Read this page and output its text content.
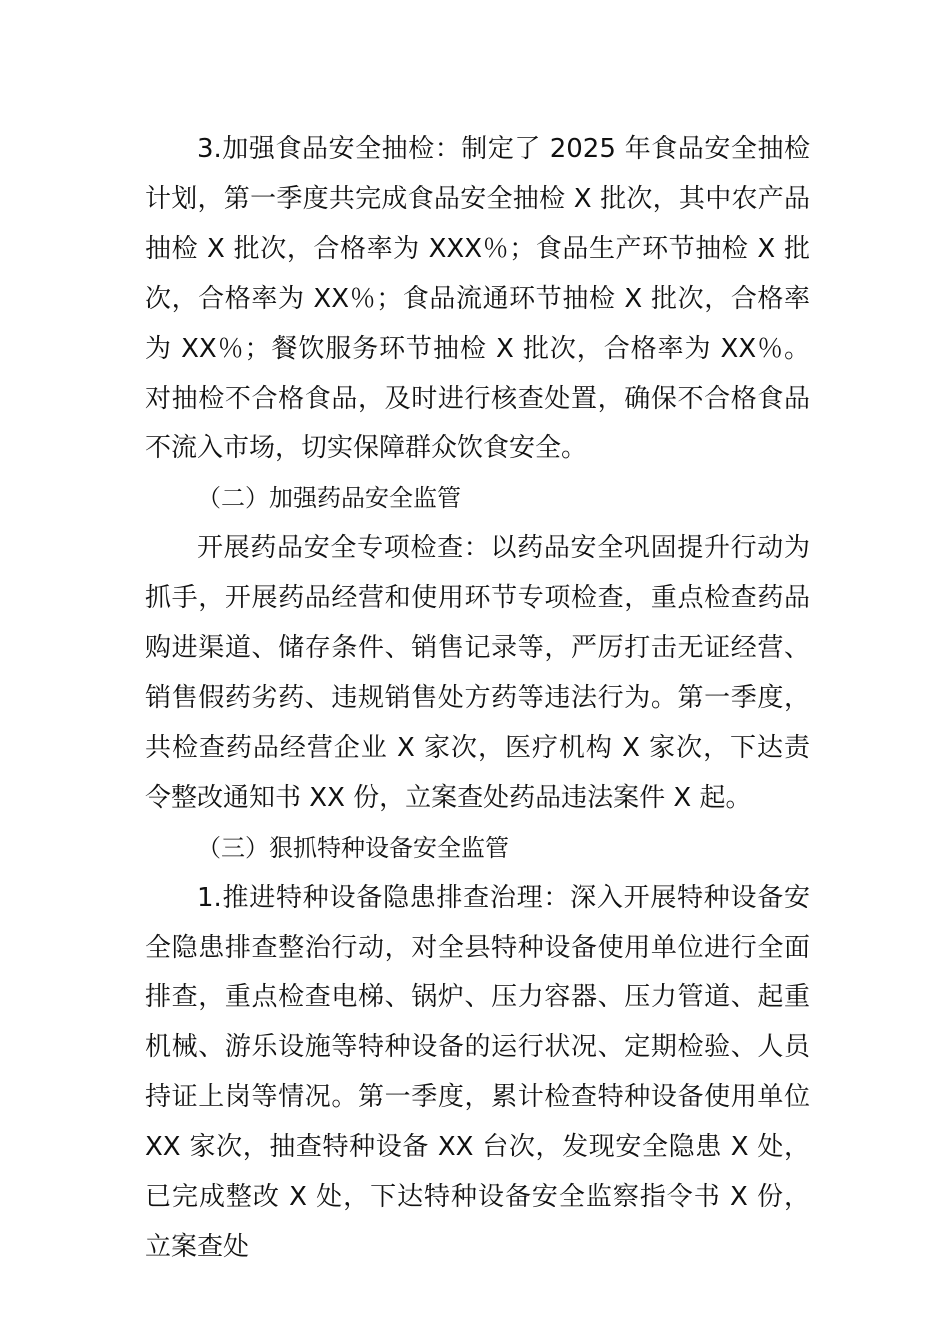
3.加强食品安全抽检：制定了 2025 年食品安全抽检计划，第一季度共完成食品安全抽检 X 批次，其中农产品抽检 X 批次，合格率为 XXX％；食品生产环节抽检 X 批次，合格率为 XX％；食品流通环节抽检 X 批次，合格率为 XX％；餐饮服务环节抽检 X 批次，合格率为 XX％。对抽检不合格食品，及时进行核查处置，确保不合格食品不流入市场，切实保障群众饮食安全。

（二）加强药品安全监管

开展药品安全专项检查：以药品安全巩固提升行动为抓手，开展药品经营和使用环节专项检查，重点检查药品购进渠道、储存条件、销售记录等，严厉打击无证经营、销售假药劣药、违规销售处方药等违法行为。第一季度，共检查药品经营企业 X 家次，医疗机构 X 家次，下达责令整改通知书 XX 份，立案查处药品违法案件 X 起。

（三）狠抓特种设备安全监管

1.推进特种设备隐患排查治理：深入开展特种设备安全隐患排查整治行动，对全县特种设备使用单位进行全面排查，重点检查电梯、锅炉、压力容器、压力管道、起重机械、游乐设施等特种设备的运行状况、定期检验、人员持证上岗等情况。第一季度，累计检查特种设备使用单位 XX 家次，抽查特种设备 XX 台次，发现安全隐患 X 处，已完成整改 X 处，下达特种设备安全监察指令书 X 份，立案查处
